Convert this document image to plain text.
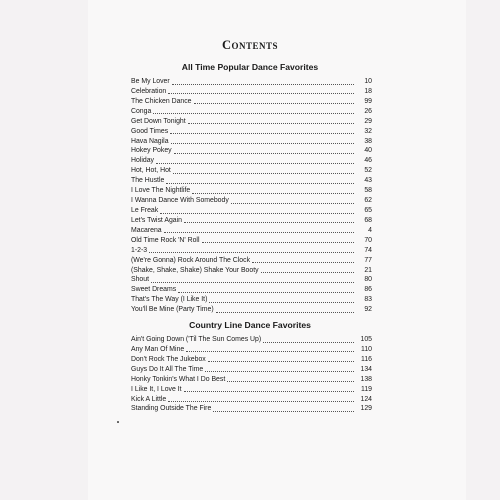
Contents
All Time Popular Dance Favorites
Be My Lover	10
Celebration	18
The Chicken Dance	99
Conga	26
Get Down Tonight	29
Good Times	32
Hava Nagila	38
Hokey Pokey	40
Holiday	46
Hot, Hot, Hot	52
The Hustle	43
I Love The Nightlife	58
I Wanna Dance With Somebody	62
Le Freak	65
Let's Twist Again	68
Macarena	4
Old Time Rock 'N' Roll	70
1-2-3	74
(We're Gonna) Rock Around The Clock	77
(Shake, Shake, Shake) Shake Your Booty	21
Shout	80
Sweet Dreams	86
That's The Way (I Like It)	83
You'll Be Mine (Party Time)	92
Country Line Dance Favorites
Ain't Going Down ('Til The Sun Comes Up)	105
Any Man Of Mine	110
Don't Rock The Jukebox	116
Guys Do It All The Time	134
Honky Tonkin's What I Do Best	138
I Like It, I Love It	119
Kick A Little	124
Standing Outside The Fire	129
